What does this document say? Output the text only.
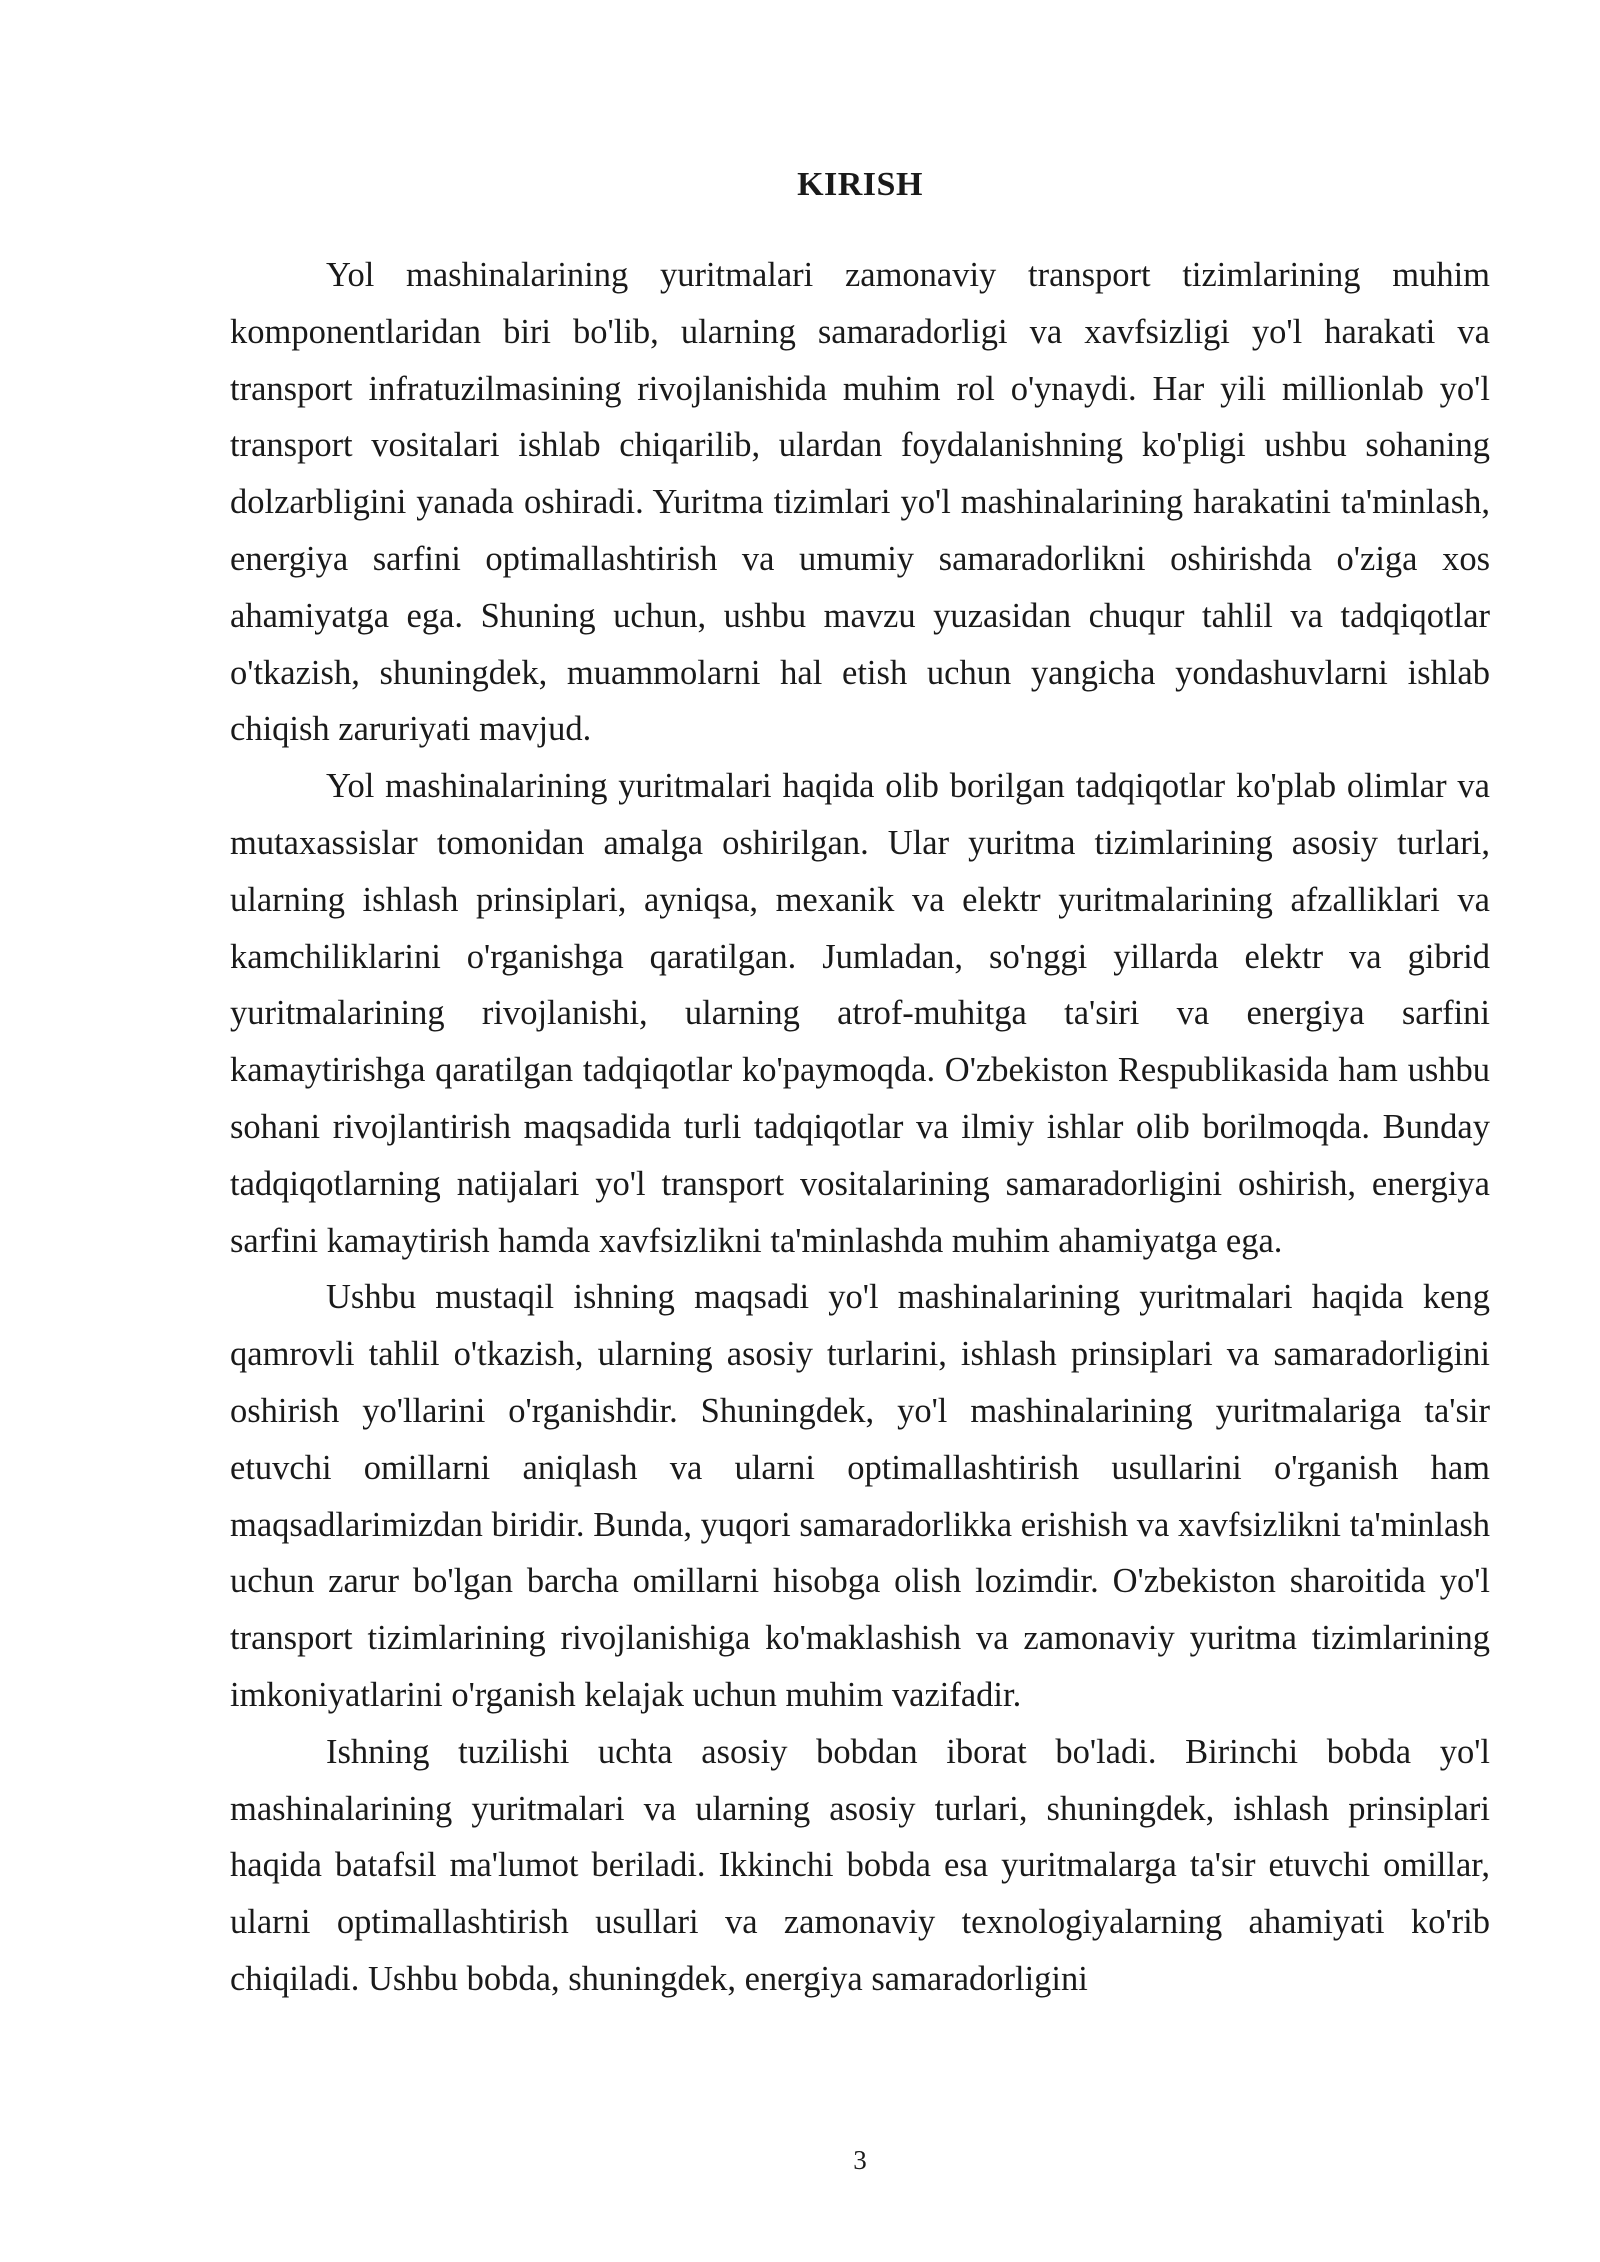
KIRISH

Yol mashinalarining yuritmalari zamonaviy transport tizimlarining muhim komponentlaridan biri bo'lib, ularning samaradorligi va xavfsizligi yo'l harakati va transport infratuzilmasining rivojlanishida muhim rol o'ynaydi. Har yili millionlab yo'l transport vositalari ishlab chiqarilib, ulardan foydalanishning ko'pligi ushbu sohaning dolzarbligini yanada oshiradi. Yuritma tizimlari yo'l mashinalarining harakatini ta'minlash, energiya sarfini optimallashtirish va umumiy samaradorlikni oshirishda o'ziga xos ahamiyatga ega. Shuning uchun, ushbu mavzu yuzasidan chuqur tahlil va tadqiqotlar o'tkazish, shuningdek, muammolarni hal etish uchun yangicha yondashuvlarni ishlab chiqish zaruriyati mavjud.

Yol mashinalarining yuritmalari haqida olib borilgan tadqiqotlar ko'plab olimlar va mutaxassislar tomonidan amalga oshirilgan. Ular yuritma tizimlarining asosiy turlari, ularning ishlash prinsiplari, ayniqsa, mexanik va elektr yuritmalarining afzalliklari va kamchiliklarini o'rganishga qaratilgan. Jumladan, so'nggi yillarda elektr va gibrid yuritmalarining rivojlanishi, ularning atrof-muhitga ta'siri va energiya sarfini kamaytirishga qaratilgan tadqiqotlar ko'paymoqda. O'zbekiston Respublikasida ham ushbu sohani rivojlantirish maqsadida turli tadqiqotlar va ilmiy ishlar olib borilmoqda. Bunday tadqiqotlarning natijalari yo'l transport vositalarining samaradorligini oshirish, energiya sarfini kamaytirish hamda xavfsizlikni ta'minlashda muhim ahamiyatga ega.

Ushbu mustaqil ishning maqsadi yo'l mashinalarining yuritmalari haqida keng qamrovli tahlil o'tkazish, ularning asosiy turlarini, ishlash prinsiplari va samaradorligini oshirish yo'llarini o'rganishdir. Shuningdek, yo'l mashinalarining yuritmalariga ta'sir etuvchi omillarni aniqlash va ularni optimallashtirish usullarini o'rganish ham maqsadlarimizdan biridir. Bunda, yuqori samaradorlikka erishish va xavfsizlikni ta'minlash uchun zarur bo'lgan barcha omillarni hisobga olish lozimdir. O'zbekiston sharoitida yo'l transport tizimlarining rivojlanishiga ko'maklashish va zamonaviy yuritma tizimlarining imkoniyatlarini o'rganish kelajak uchun muhim vazifadir.

Ishning tuzilishi uchta asosiy bobdan iborat bo'ladi. Birinchi bobda yo'l mashinalarining yuritmalari va ularning asosiy turlari, shuningdek, ishlash prinsiplari haqida batafsil ma'lumot beriladi. Ikkinchi bobda esa yuritmalarga ta'sir etuvchi omillar, ularni optimallashtirish usullari va zamonaviy texnologiyalarning ahamiyati ko'rib chiqiladi. Ushbu bobda, shuningdek, energiya samaradorligini

3
